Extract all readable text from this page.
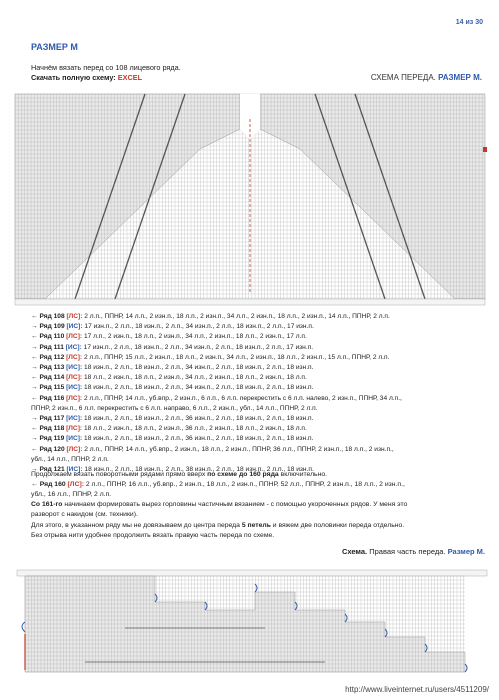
14 из 30
РАЗМЕР М
Начнём вязать перед со 108 лицевого ряда.
Скачать полную схему: EXCEL	СХЕМА ПЕРЕДА. РАЗМЕР М.
← Ряд 108 [ЛС]: 2 л.п., ППНР, 14 л.п., 2 изн.п., 18 л.п., 2 изн.п., 34 л.п., 2 изн.п., 18 л.п., 2 изн.п., 14 л.п., ППНР, 2 л.п.
→ Ряд 109 [ИС]: 17 изн.п., 2 л.п., 18 изн.п., 2 л.п., 34 изн.п., 2 л.п., 18 изн.п., 2 л.п., 17 изн.п.
← Ряд 110 [ЛС]: 17 л.п., 2 изн.п., 18 л.п., 2 изн.п., 34 л.п., 2 изн.п., 18 л.п., 2 изн.п., 17 л.п.
→ Ряд 111 [ИС]: 17 изн.п., 2 л.п., 18 изн.п., 2 л.п., 34 изн.п., 2 л.п., 18 изн.п., 2 л.п., 17 изн.п.
← Ряд 112 [ЛС]: 2 л.п., ППНР, 15 л.п., 2 изн.п., 18 л.п., 2 изн.п., 34 л.п., 2 изн.п., 18 л.п., 2 изн.п., 15 л.п., ППНР, 2 л.п.
→ Ряд 113 [ИС]: 18 изн.п., 2 л.п., 18 изн.п., 2 л.п., 34 изн.п., 2 л.п., 18 изн.п., 2 л.п., 18 изн.п.
← Ряд 114 [ЛС]: 18 л.п., 2 изн.п., 18 л.п., 2 изн.п., 34 л.п., 2 изн.п., 18 л.п., 2 изн.п., 18 л.п.
→ Ряд 115 [ИС]: 18 изн.п., 2 л.п., 18 изн.п., 2 л.п., 34 изн.п., 2 л.п., 18 изн.п., 2 л.п., 18 изн.п.
← Ряд 116 [ЛС]: 2 л.п., ППНР, 14 л.п., уб.впр., 2 изн.п., 6 л.п., 6 л.п. перекрестить с 6 л.п. налево, 2 изн.п., ППНР, 34 л.п.,
ППНР, 2 изн.п., 6 л.п. перекрестить с 6 л.п. направо, 6 л.п., 2 изн.п., убл., 14 л.п., ППНР, 2 л.п.
→ Ряд 117 [ИС]: 18 изн.п., 2 л.п., 18 изн.п., 2 л.п., 36 изн.п., 2 л.п., 18 изн.п., 2 л.п., 18 изн.п.
← Ряд 118 [ЛС]: 18 л.п., 2 изн.п., 18 л.п., 2 изн.п., 36 л.п., 2 изн.п., 18 л.п., 2 изн.п., 18 л.п.
→ Ряд 119 [ИС]: 18 изн.п., 2 л.п., 18 изн.п., 2 л.п., 36 изн.п., 2 л.п., 18 изн.п., 2 л.п., 18 изн.п.
← Ряд 120 [ЛС]: 2 л.п., ППНР, 14 л.п., уб.впр., 2 изн.п., 18 л.п., 2 изн.п., ППНР, 36 л.п., ППНР, 2 изн.п., 18 л.п., 2 изн.п.,
убл., 14 л.п., ППНР, 2 л.п.
→ Ряд 121 [ИС]: 18 изн.п., 2 л.п., 18 изн.п., 2 л.п., 38 изн.п., 2 л.п., 18 изн.п., 2 л.п., 18 изн.п.
Продолжаем вязать поворотными рядами прямо вверх по схеме до 160 ряда включительно.
← Ряд 160 [ЛС]: 2 л.п., ППНР, 16 л.п., уб.впр., 2 изн.п., 18 л.п., 2 изн.п., ППНР, 52 л.п., ППНР, 2 изн.п., 18 л.п., 2 изн.п.,
убл., 16 л.п., ППНР, 2 л.п.
Со 161-го начинаем формировать вырез горловины частичным вязанием - с помощью укороченных рядов. У меня это
разворот с накидом (см. техники).
Для этого, в указанном ряду мы не довязываем до центра переда 5 петель и вяжем две половинки переда отдельно.
Без отрыва нити удобнее продолжить вязать правую часть переда по схеме.
Схема. Правая часть переда. Размер М.
http://www.liveinternet.ru/users/4511209/
